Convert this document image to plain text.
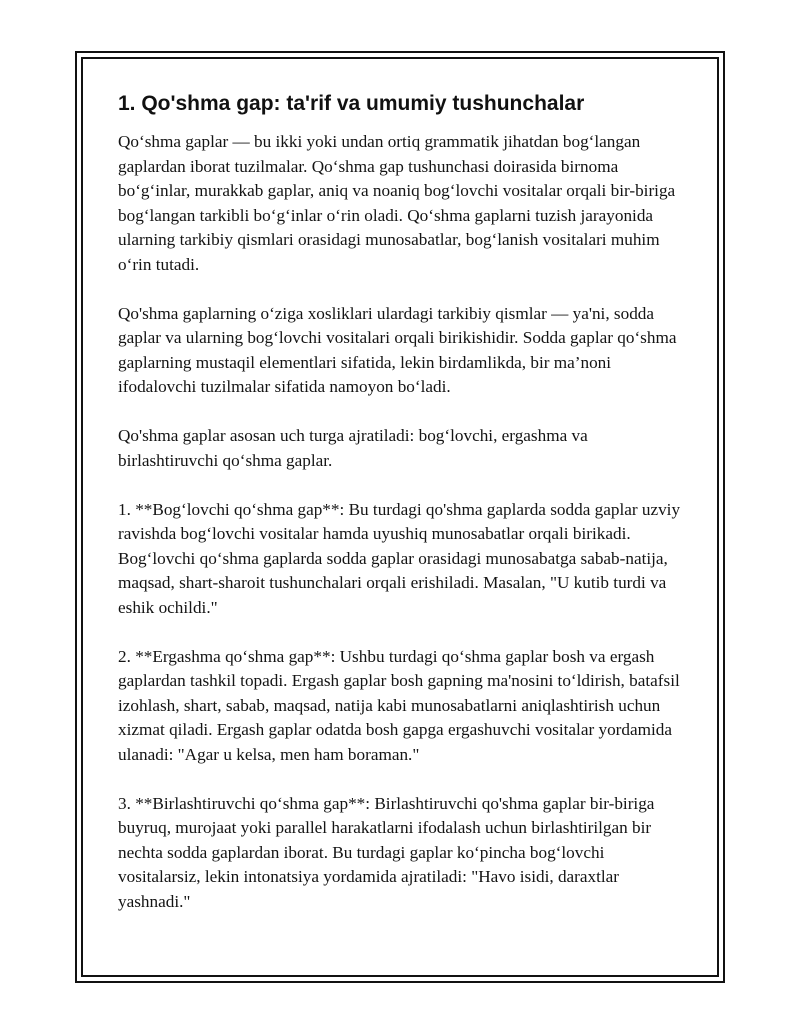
1. Qo'shma gap: ta'rif va umumiy tushunchalar

Qo‘shma gaplar — bu ikki yoki undan ortiq grammatik jihatdan bog‘langan gaplardan iborat tuzilmalar. Qo‘shma gap tushunchasi doirasida birnoma bo‘g‘inlar, murakkab gaplar, aniq va noaniq bog‘lovchi vositalar orqali bir-biriga bog‘langan tarkibli bo‘g‘inlar o‘rin oladi. Qo‘shma gaplarni tuzish jarayonida ularning tarkibiy qismlari orasidagi munosabatlar, bog‘lanish vositalari muhim o‘rin tutadi.

Qo'shma gaplarning o‘ziga xosliklari ulardagi tarkibiy qismlar — ya'ni, sodda gaplar va ularning bog‘lovchi vositalari orqali birikishidir. Sodda gaplar qo‘shma gaplarning mustaqil elementlari sifatida, lekin birdamlikda, bir ma’noni ifodalovchi tuzilmalar sifatida namoyon bo‘ladi.

Qo'shma gaplar asosan uch turga ajratiladi: bog‘lovchi, ergashma va birlashtiruvchi qo‘shma gaplar.

1. **Bog‘lovchi qo‘shma gap**: Bu turdagi qo'shma gaplarda sodda gaplar uzviy ravishda bog‘lovchi vositalar hamda uyushiq munosabatlar orqali birikadi. Bog‘lovchi qo‘shma gaplarda sodda gaplar orasidagi munosabatga sabab-natija, maqsad, shart-sharoit tushunchalari orqali erishiladi. Masalan, "U kutib turdi va eshik ochildi."

2. **Ergashma qo‘shma gap**: Ushbu turdagi qo‘shma gaplar bosh va ergash gaplardan tashkil topadi. Ergash gaplar bosh gapning ma'nosini to‘ldirish, batafsil izohlash, shart, sabab, maqsad, natija kabi munosabatlarni aniqlashtirish uchun xizmat qiladi. Ergash gaplar odatda bosh gapga ergashuvchi vositalar yordamida ulanadi: "Agar u kelsa, men ham boraman."

3. **Birlashtiruvchi qo‘shma gap**: Birlashtiruvchi qo'shma gaplar bir-biriga buyruq, murojaat yoki parallel harakatlarni ifodalash uchun birlashtirilgan bir nechta sodda gaplardan iborat. Bu turdagi gaplar ko‘pincha bog‘lovchi vositalarsiz, lekin intonatsiya yordamida ajratiladi: "Havo isidi, daraxtlar yashnadi."
